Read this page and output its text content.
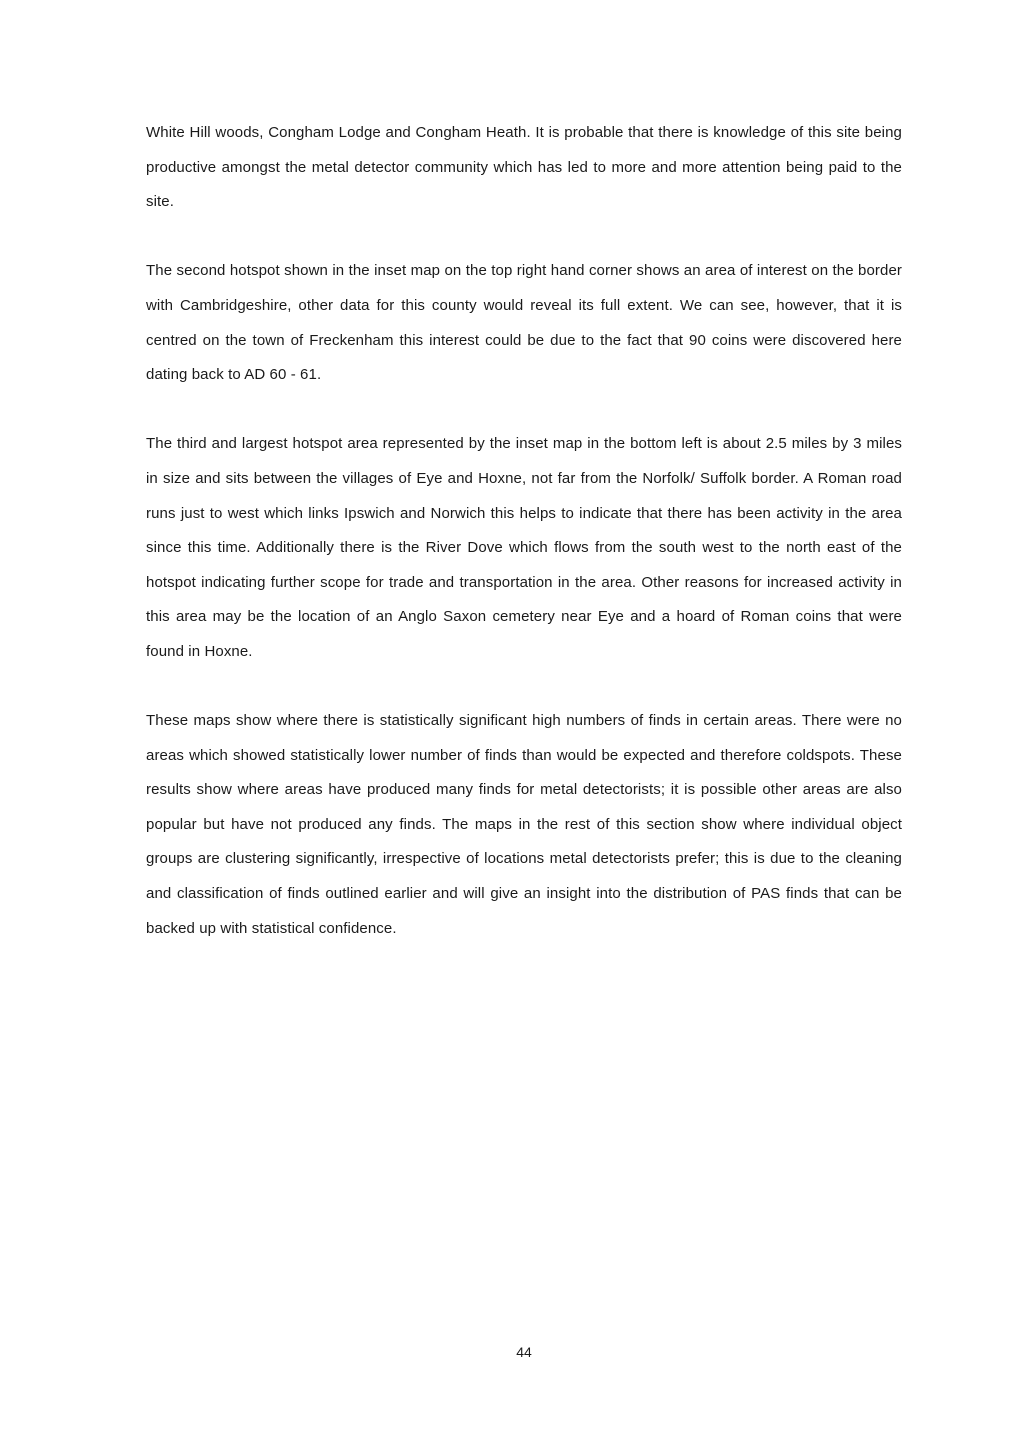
White Hill woods, Congham Lodge and Congham Heath. It is probable that there is knowledge of this site being productive amongst the metal detector community which has led to more and more attention being paid to the site.

The second hotspot shown in the inset map on the top right hand corner shows an area of interest on the border with Cambridgeshire, other data for this county would reveal its full extent. We can see, however, that it is centred on the town of Freckenham this interest could be due to the fact that 90 coins were discovered here dating back to AD 60 - 61.

The third and largest hotspot area represented by the inset map in the bottom left is about 2.5 miles by 3 miles in size and sits between the villages of Eye and Hoxne, not far from the Norfolk/ Suffolk border. A Roman road runs just to west which links Ipswich and Norwich this helps to indicate that there has been activity in the area since this time. Additionally there is the River Dove which flows from the south west to the north east of the hotspot indicating further scope for trade and transportation in the area. Other reasons for increased activity in this area may be the location of an Anglo Saxon cemetery near Eye and a hoard of Roman coins that were found in Hoxne.

These maps show where there is statistically significant high numbers of finds in certain areas. There were no areas which showed statistically lower number of finds than would be expected and therefore coldspots. These results show where areas have produced many finds for metal detectorists; it is possible other areas are also popular but have not produced any finds. The maps in the rest of this section show where individual object groups are clustering significantly, irrespective of locations metal detectorists prefer; this is due to the cleaning and classification of finds outlined earlier and will give an insight into the distribution of PAS finds that can be backed up with statistical confidence.

44
